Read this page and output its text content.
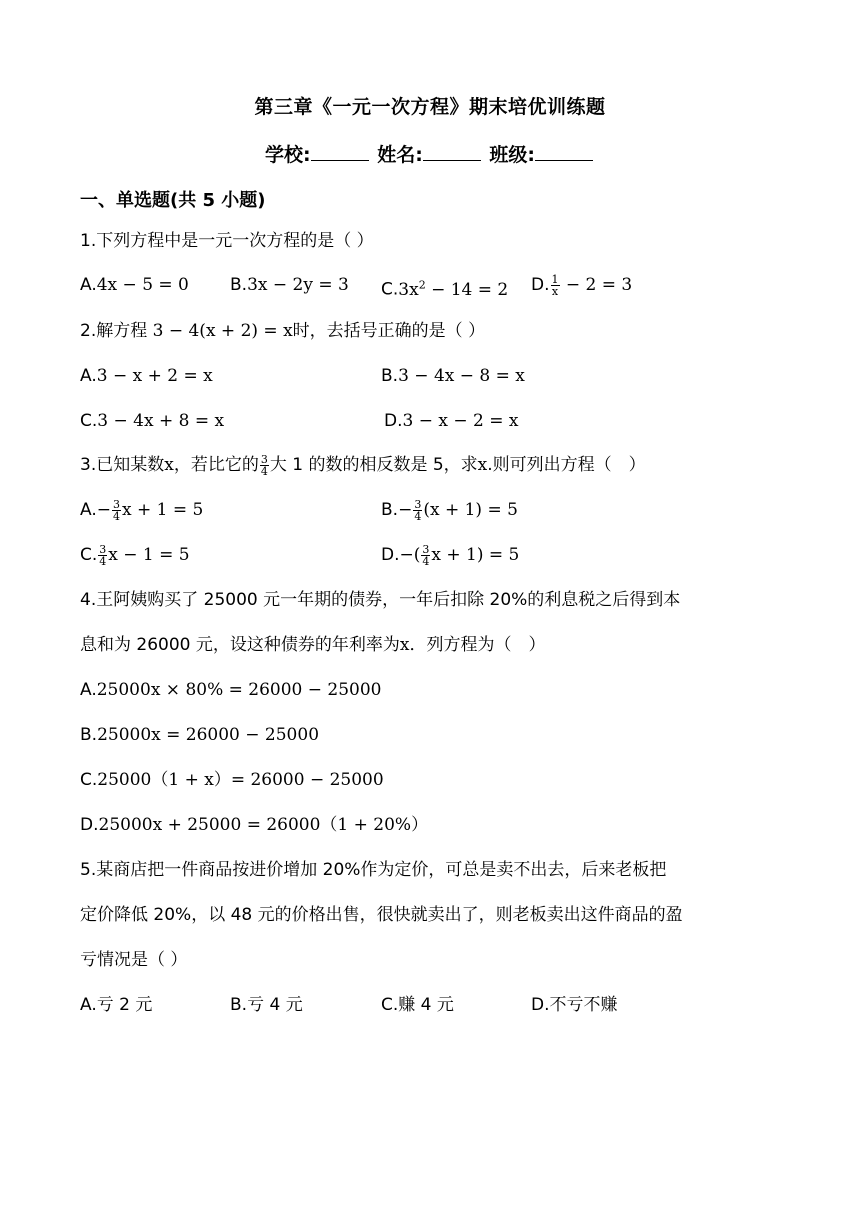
第三章《一元一次方程》期末培优训练题
学校:	姓名:	班级:
一、单选题(共 5 小题)
1.下列方程中是一元一次方程的是（ ）
A.4x − 5 = 0 B.3x − 2y = 3 $C.3x^2 - 14 = 2$ D. $\frac{1}{x} - 2 = 3$
2.解方程 3 − 4(x + 2) = x时，去括号正确的是（ ）
A.3 − x + 2 = x	B.3 − 4x − 8 = x
C.3 − 4x + 8 = x	D.3 − x − 2 = x
3.已知某数x，若比它的 $\frac{3}{4}$ 大 1 的数的相反数是 5，求x.则可列出方程（　）
$A.- \frac{3}{4}$ x + 1 = 5	$B.- \frac{3}{4} (x + 1) = 5$
C. $\frac{3}{4}$ x − 1 = 5	$D.-( \frac{3}{4}$ x + 1) = 5
4.王阿姨购买了 25000 元一年期的债券，一年后扣除 20%的利息税之后得到本
息和为 26000 元，设这种债券的年利率为x．列方程为（　）
A.25000x × 80% = 26000 − 25000
B.25000x = 26000 − 25000
C.25000（1 + x）= 26000 − 25000
D.25000x + 25000 = 26000（1 + 20%）
5.某商店把一件商品按进价增加 20%作为定价，可总是卖不出去，后来老板把
定价降低 20%，以 48 元的价格出售，很快就卖出了，则老板卖出这件商品的盈
亏情况是（ ）
A.亏 2 元	B.亏 4 元	C.赚 4 元	D.不亏不赚
